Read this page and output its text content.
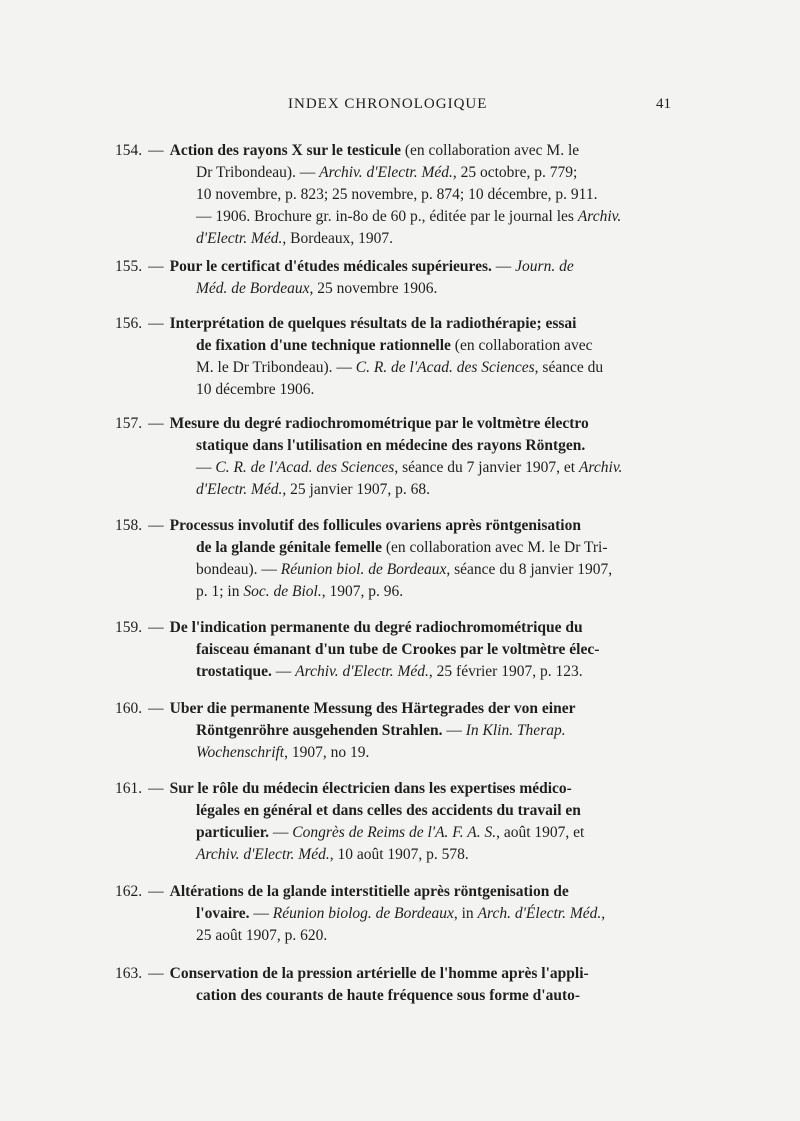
INDEX CHRONOLOGIQUE	41
154. — Action des rayons X sur le testicule (en collaboration avec M. le
Dr Tribondeau). — Archiv. d'Electr. Méd., 25 octobre, p. 779;
10 novembre, p. 823; 25 novembre, p. 874; 10 décembre, p. 911.
— 1906. Brochure gr. in-8o de 60 p., éditée par le journal les Archiv.
d'Electr. Méd., Bordeaux, 1907.
155. — Pour le certificat d'études médicales supérieures. — Journ. de
Méd. de Bordeaux, 25 novembre 1906.
156. — Interprétation de quelques résultats de la radiothérapie; essai
de fixation d'une technique rationnelle (en collaboration avec
M. le Dr Tribondeau). — C. R. de l'Acad. des Sciences, séance du
10 décembre 1906.
157. — Mesure du degré radiochromométrique par le voltmètre électro
statique dans l'utilisation en médecine des rayons Röntgen.
— C. R. de l'Acad. des Sciences, séance du 7 janvier 1907, et Archiv.
d'Electr. Méd., 25 janvier 1907, p. 68.
158. — Processus involutif des follicules ovariens après röntgenisation
de la glande génitale femelle (en collaboration avec M. le Dr Tri-
bondeau). — Réunion biol. de Bordeaux, séance du 8 janvier 1907,
p. 1; in Soc. de Biol., 1907, p. 96.
159. — De l'indication permanente du degré radiochromométrique du
faisceau émanant d'un tube de Crookes par le voltmètre élec-
trostatique. — Archiv. d'Electr. Méd., 25 février 1907, p. 123.
160. — Uber die permanente Messung des Härtegrades der von einer
Röntgenröhre ausgehenden Strahlen. — In Klin. Therap.
Wochenschrift, 1907, no 19.
161. — Sur le rôle du médecin électricien dans les expertises médico-
légales en général et dans celles des accidents du travail en
particulier. — Congrès de Reims de l'A. F. A. S., août 1907, et
Archiv. d'Electr. Méd., 10 août 1907, p. 578.
162. — Altérations de la glande interstitielle après röntgenisation de
l'ovaire. — Réunion biolog. de Bordeaux, in Arch. d'Électr. Méd.,
25 août 1907, p. 620.
163. — Conservation de la pression artérielle de l'homme après l'appli-
cation des courants de haute fréquence sous forme d'auto-
